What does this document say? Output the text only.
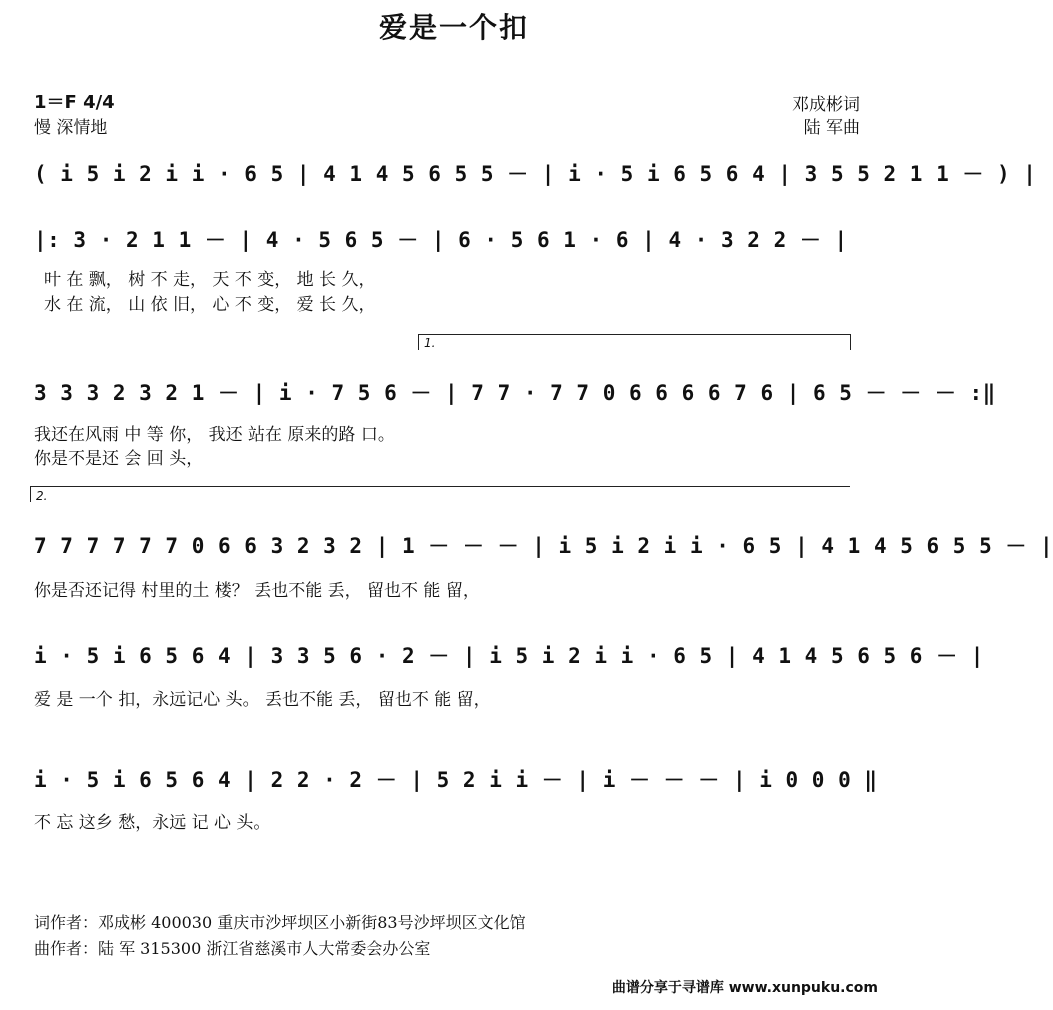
爱是一个扣
1＝F 4/4
慢 深情地
邓成彬词
陆 军曲
( i 5 i 2 i i · 6 5 | 4 1 4 5 6 5 5 － | i · 5 i 6 5 6 4 | 3 5 5 2 1 1 － ) |
|: 3 · 2 1 1 － | 4 · 5 6 5 － | 6 · 5 6 1 · 6 | 4 · 3 2 2 － |
叶 在 飘， 树 不 走， 天 不 变， 地 长 久，
水 在 流， 山 依 旧， 心 不 变， 爱 长 久，
1.
3 3 3 2 3 2 1 － | i · 7 5 6 － | 7 7 · 7 7 0 6 6 6 6 7 6 | 6 5 － － － :‖
我还在风雨 中 等 你， 我还 站在 原来的路 口。
你是不是还 会 回 头，
2.
7 7 7 7 7 7 0 6 6 3 2 3 2 | 1 － － － | i 5 i 2 i i · 6 5 | 4 1 4 5 6 5 5 － |
你是否还记得 村里的土 楼？ 丢也不能 丢， 留也不 能 留，
i · 5 i 6 5 6 4 | 3 3 5 6 · 2 － | i 5 i 2 i i · 6 5 | 4 1 4 5 6 5 6 － |
爱 是 一个 扣，永远记心 头。 丢也不能 丢， 留也不 能 留，
i · 5 i 6 5 6 4 | 2 2 · 2 － | 5 2 i i － | i － － － | i 0 0 0 ‖
不 忘 这乡 愁，永远 记 心 头。
词作者：邓成彬 400030 重庆市沙坪坝区小新街83号沙坪坝区文化馆
曲作者：陆 军 315300 浙江省慈溪市人大常委会办公室
曲谱分享于寻谱库 www.xunpuku.com
